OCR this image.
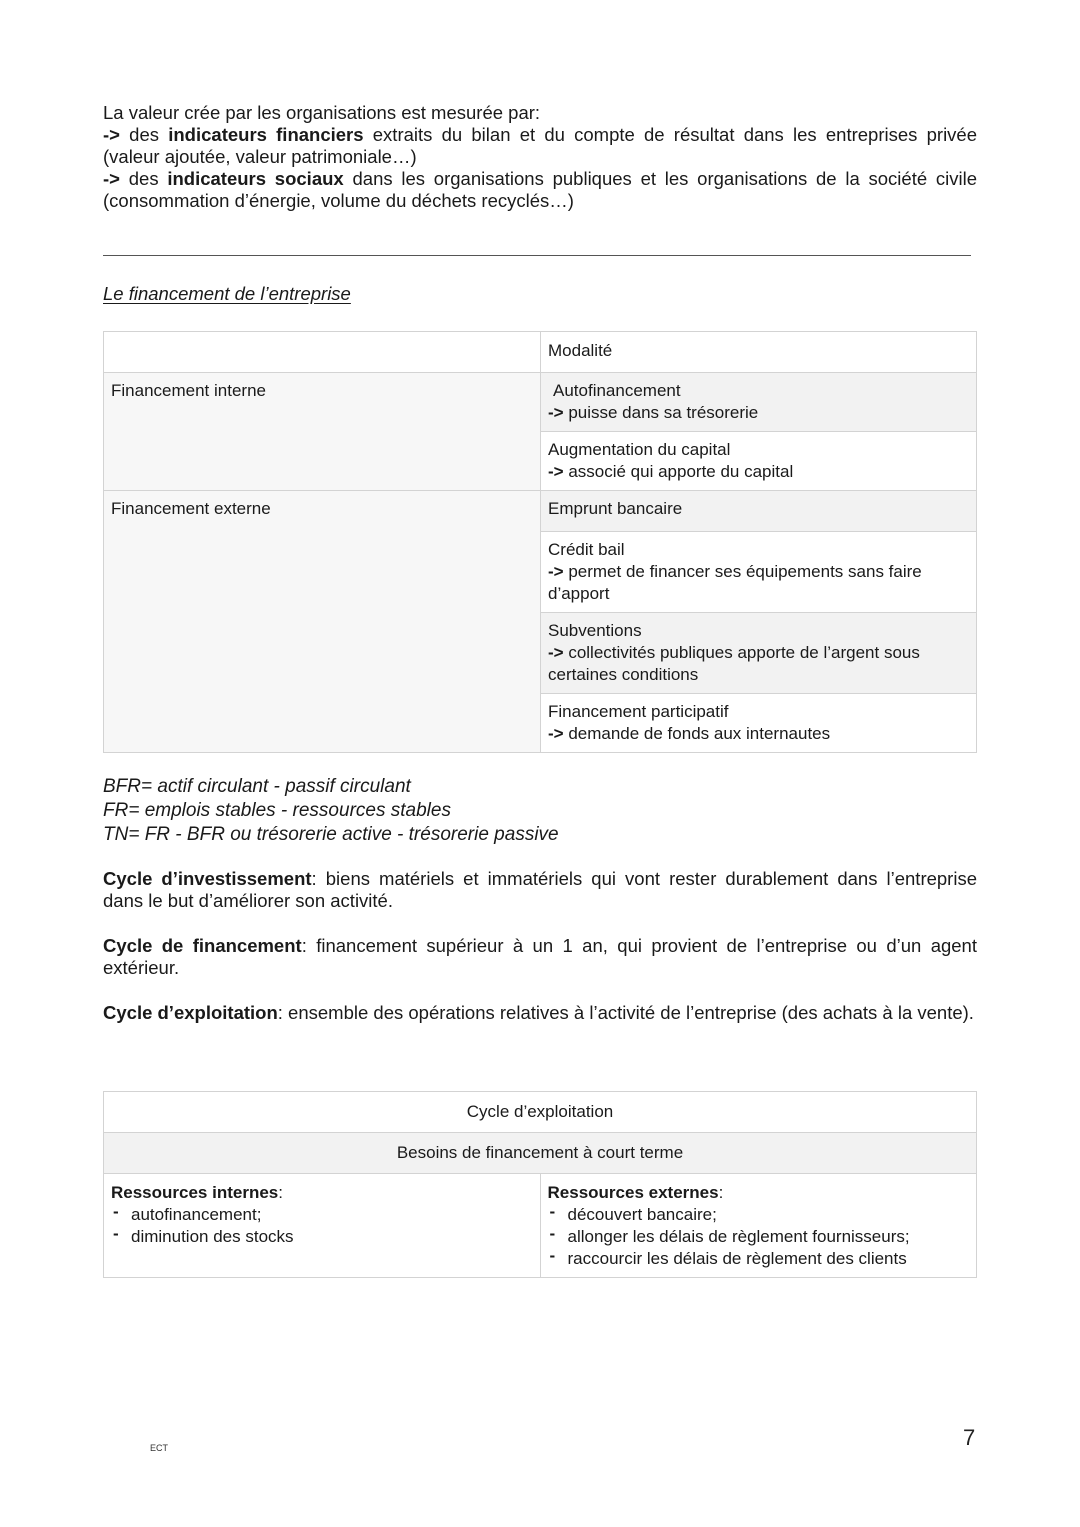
La valeur crée par les organisations est mesurée par:

-> des indicateurs financiers extraits du bilan et du compte de résultat dans les entreprises privée (valeur ajoutée, valeur patrimoniale…)

-> des indicateurs sociaux dans les organisations publiques et les organisations de la société civile (consommation d’énergie, volume du déchets recyclés…)

Le financement de l’entreprise
	Modalité
Financement interne	Autofinancement
-> puisse dans sa trésorerie

	Augmentation du capital
-> associé qui apporte du capital

Financement externe	Emprunt bancaire

	Crédit bail
-> permet de financer ses équipements sans faire d’apport

	Subventions
-> collectivités publiques apporte de l’argent sous certaines conditions

	Financement participatif
-> demande de fonds aux internautes
BFR= actif circulant - passif circulant
FR= emplois stables - ressources stables
TN= FR - BFR ou trésorerie active - trésorerie passive

Cycle d’investissement: biens matériels et immatériels qui vont rester durablement dans l’entreprise dans le but d’améliorer son activité.

Cycle de financement: financement supérieur à un 1 an, qui provient de l’entreprise ou d’un agent extérieur.

Cycle d’exploitation: ensemble des opérations relatives à l’activité de l’entreprise (des achats à la vente).

Cycle d’exploitation
Besoins de financement à court terme

Ressources internes:
- autofinancement;
- diminution des stocks

Ressources externes:
- découvert bancaire;
- allonger les délais de règlement fournisseurs;
- raccourcir les délais de règlement des clients
ECT	7
